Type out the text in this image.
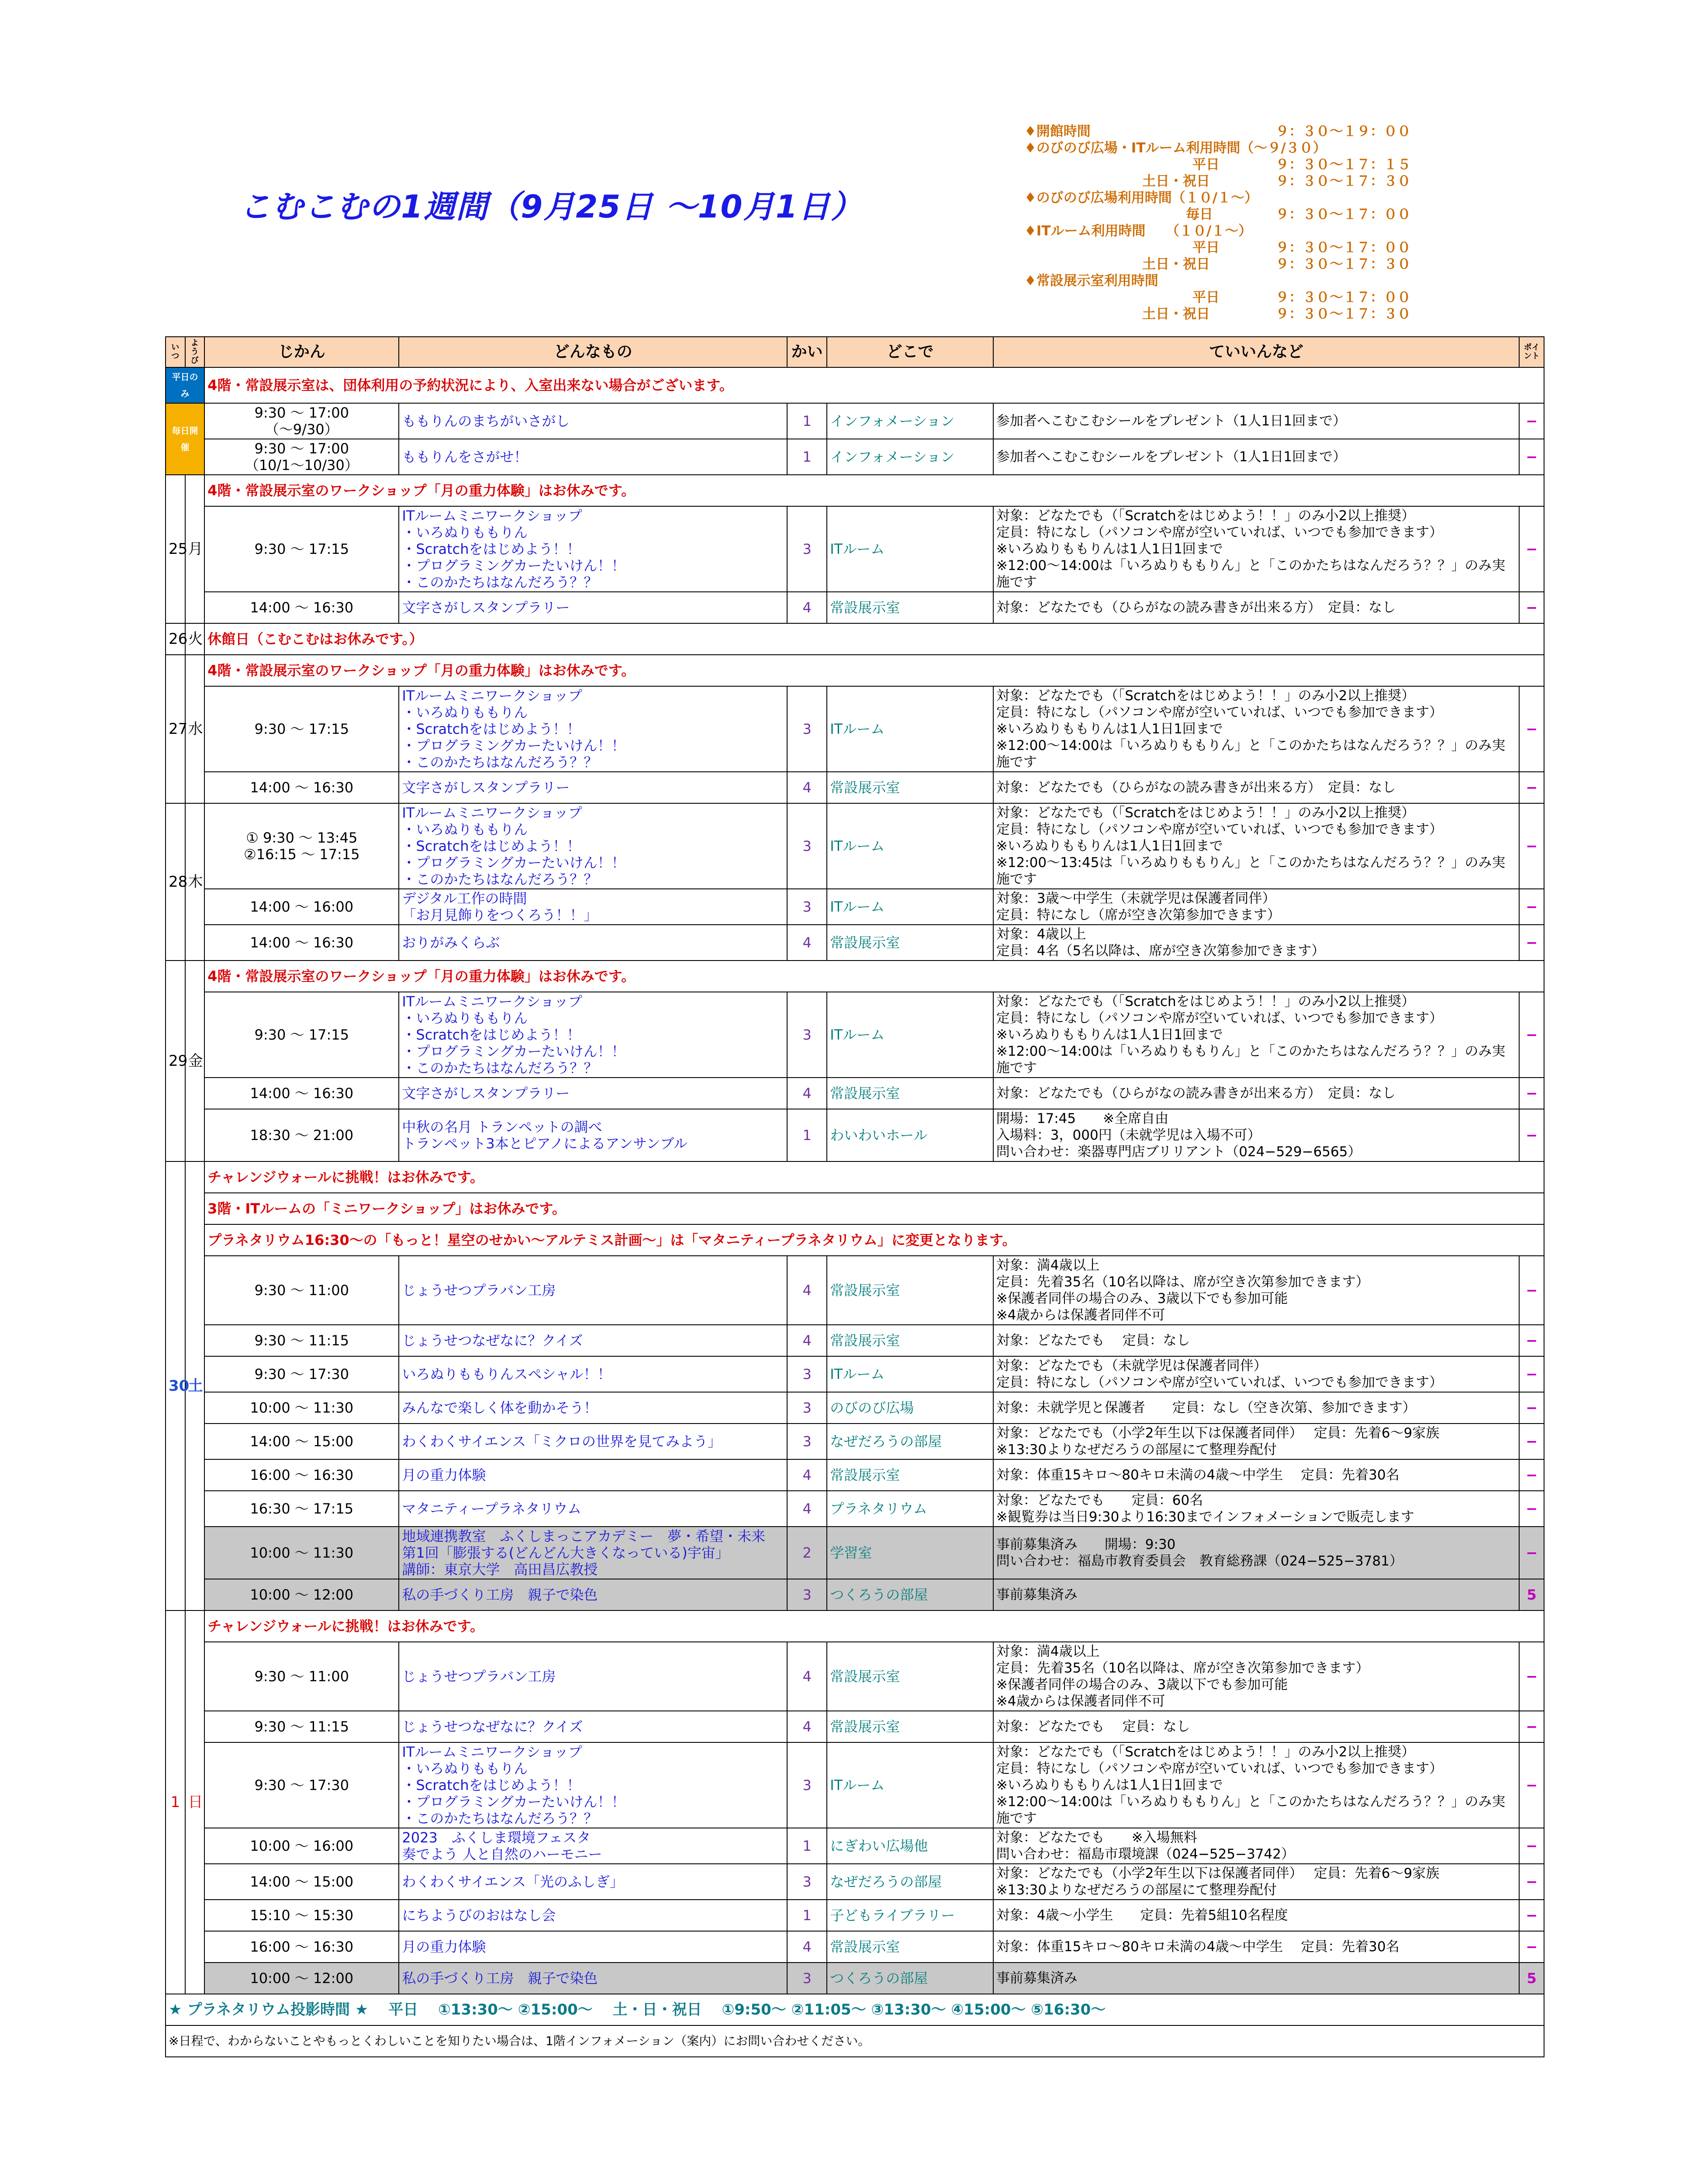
こむこむの1週間（9月25日 〜10月1日）
♦開館時間	９：３０〜１９：００
♦のびのび広場・ITルーム利用時間（〜９/３０）
平日	９：３０〜１７：１５
土日・祝日	９：３０〜１７：３０
♦のびのび広場利用時間（１０/１〜）
毎日	９：３０〜１７：００
♦ITルーム利用時間　　（１０/１〜）
平日	９：３０〜１７：００
土日・祝日	９：３０〜１７：３０
♦常設展示室利用時間
平日	９：３０〜１７：００
土日・祝日	９：３０〜１７：３０
いつ	ようび	じかん	どんなもの	かい	どこで	ていいんなど	ポイント
平日のみ		4階・常設展示室は、団体利用の予約状況により、入室出来ない場合がございます。					
毎日開催		9:30 〜 17:00
（〜9/30）	ももりんのまちがいさがし	1	インフォメーション	参加者へこむこむシールをプレゼント（1人1日1回まで）	−
		9:30 〜 17:00
（10/1〜10/30）	ももりんをさがせ！	1	インフォメーション	参加者へこむこむシールをプレゼント（1人1日1回まで）	−
25	月	4階・常設展示室のワークショップ「月の重力体験」はお休みです。					
		9:30 〜 17:15	ITルームミニワークショップ
・いろぬりももりん
・Scratchをはじめよう！！
・プログラミングカーたいけん！！
・このかたちはなんだろう？？	3	ITルーム	対象：どなたでも（「Scratchをはじめよう！！」のみ小2以上推奨）
定員：特になし（パソコンや席が空いていれば、いつでも参加できます）
※いろぬりももりんは1人1日1回まで
※12:00〜14:00は「いろぬりももりん」と「このかたちはなんだろう？？」のみ実施です	−
		14:00 〜 16:30	文字さがしスタンプラリー	4	常設展示室	対象：どなたでも（ひらがなの読み書きが出来る方）　定員：なし	−
26	火	休館日（こむこむはお休みです。）					
27	水	4階・常設展示室のワークショップ「月の重力体験」はお休みです。					
		9:30 〜 17:15	ITルームミニワークショップ
・いろぬりももりん
・Scratchをはじめよう！！
・プログラミングカーたいけん！！
・このかたちはなんだろう？？	3	ITルーム	対象：どなたでも（「Scratchをはじめよう！！」のみ小2以上推奨）
定員：特になし（パソコンや席が空いていれば、いつでも参加できます）
※いろぬりももりんは1人1日1回まで
※12:00〜14:00は「いろぬりももりん」と「このかたちはなんだろう？？」のみ実施です	−
		14:00 〜 16:30	文字さがしスタンプラリー	4	常設展示室	対象：どなたでも（ひらがなの読み書きが出来る方）　定員：なし	−
28	木	① 9:30 〜 13:45
②16:15 〜 17:15	ITルームミニワークショップ
・いろぬりももりん
・Scratchをはじめよう！！
・プログラミングカーたいけん！！
・このかたちはなんだろう？？	3	ITルーム	対象：どなたでも（「Scratchをはじめよう！！」のみ小2以上推奨）
定員：特になし（パソコンや席が空いていれば、いつでも参加できます）
※いろぬりももりんは1人1日1回まで
※12:00〜13:45は「いろぬりももりん」と「このかたちはなんだろう？？」のみ実施です	−
		14:00 〜 16:00	デジタル工作の時間
「お月見飾りをつくろう！！」	3	ITルーム	対象：3歳〜中学生（未就学児は保護者同伴）
定員：特になし（席が空き次第参加できます）	−
		14:00 〜 16:30	おりがみくらぶ	4	常設展示室	対象：4歳以上
定員：4名（5名以降は、席が空き次第参加できます）	−
29	金	4階・常設展示室のワークショップ「月の重力体験」はお休みです。					
		9:30 〜 17:15	ITルームミニワークショップ
・いろぬりももりん
・Scratchをはじめよう！！
・プログラミングカーたいけん！！
・このかたちはなんだろう？？	3	ITルーム	対象：どなたでも（「Scratchをはじめよう！！」のみ小2以上推奨）
定員：特になし（パソコンや席が空いていれば、いつでも参加できます）
※いろぬりももりんは1人1日1回まで
※12:00〜14:00は「いろぬりももりん」と「このかたちはなんだろう？？」のみ実施です	−
		14:00 〜 16:30	文字さがしスタンプラリー	4	常設展示室	対象：どなたでも（ひらがなの読み書きが出来る方）　定員：なし	−
		18:30 〜 21:00	中秋の名月 トランペットの調べ
トランペット3本とピアノによるアンサンブル	1	わいわいホール	開場：17:45　　※全席自由
入場料：3，000円（未就学児は入場不可）
問い合わせ：楽器専門店ブリリアント（024−529−6565）	−
30	土	チャレンジウォールに挑戦！はお休みです。					
		3階・ITルームの「ミニワークショップ」はお休みです。					
		プラネタリウム16:30〜の「もっと！星空のせかい〜アルテミス計画〜」は「マタニティープラネタリウム」に変更となります。					
		9:30 〜 11:00	じょうせつプラバン工房	4	常設展示室	対象：満4歳以上
定員：先着35名（10名以降は、席が空き次第参加できます）
※保護者同伴の場合のみ、3歳以下でも参加可能
※4歳からは保護者同伴不可	−
		9:30 〜 11:15	じょうせつなぜなに？クイズ	4	常設展示室	対象：どなたでも　 定員：なし	−
		9:30 〜 17:30	いろぬりももりんスペシャル！！	3	ITルーム	対象：どなたでも（未就学児は保護者同伴）
定員：特になし（パソコンや席が空いていれば、いつでも参加できます）	−
		10:00 〜 11:30	みんなで楽しく体を動かそう！	3	のびのび広場	対象：未就学児と保護者　　定員：なし（空き次第、参加できます）	−
		14:00 〜 15:00	わくわくサイエンス「ミクロの世界を見てみよう」	3	なぜだろうの部屋	対象：どなたでも（小学2年生以下は保護者同伴）　 定員：先着6〜9家族
※13:30よりなぜだろうの部屋にて整理券配付	−
		16:00 〜 16:30	月の重力体験	4	常設展示室	対象：体重15キロ〜80キロ未満の4歳〜中学生　 定員：先着30名	−
		16:30 〜 17:15	マタニティープラネタリウム	4	プラネタリウム	対象：どなたでも　　定員：60名
※観覧券は当日9:30より16:30までインフォメーションで販売します	−
		10:00 〜 11:30	地域連携教室　ふくしまっこアカデミー　夢・希望・未来
第1回「膨張する(どんどん大きくなっている)宇宙」
講師：東京大学　高田昌広教授	2	学習室	事前募集済み　　開場：9:30
問い合わせ：福島市教育委員会　教育総務課（024−525−3781）	−
		10:00 〜 12:00	私の手づくり工房　親子で染色	3	つくろうの部屋	事前募集済み	5
1	日	チャレンジウォールに挑戦！はお休みです。					
		9:30 〜 11:00	じょうせつプラバン工房	4	常設展示室	対象：満4歳以上
定員：先着35名（10名以降は、席が空き次第参加できます）
※保護者同伴の場合のみ、3歳以下でも参加可能
※4歳からは保護者同伴不可	−
		9:30 〜 11:15	じょうせつなぜなに？クイズ	4	常設展示室	対象：どなたでも　 定員：なし	−
		9:30 〜 17:30	ITルームミニワークショップ
・いろぬりももりん
・Scratchをはじめよう！！
・プログラミングカーたいけん！！
・このかたちはなんだろう？？	3	ITルーム	対象：どなたでも（「Scratchをはじめよう！！」のみ小2以上推奨）
定員：特になし（パソコンや席が空いていれば、いつでも参加できます）
※いろぬりももりんは1人1日1回まで
※12:00〜14:00は「いろぬりももりん」と「このかたちはなんだろう？？」のみ実施です	−
		10:00 〜 16:00	2023　ふくしま環境フェスタ
奏でよう 人と自然のハーモニー	1	にぎわい広場他	対象：どなたでも　　※入場無料
問い合わせ：福島市環境課（024−525−3742）	−
		14:00 〜 15:00	わくわくサイエンス「光のふしぎ」	3	なぜだろうの部屋	対象：どなたでも（小学2年生以下は保護者同伴）　 定員：先着6〜9家族
※13:30よりなぜだろうの部屋にて整理券配付	−
		15:10 〜 15:30	にちようびのおはなし会	1	子どもライブラリー	対象：4歳〜小学生　　定員：先着5組10名程度	−
		16:00 〜 16:30	月の重力体験	4	常設展示室	対象：体重15キロ〜80キロ未満の4歳〜中学生　 定員：先着30名	−
		10:00 〜 12:00	私の手づくり工房　親子で染色	3	つくろうの部屋	事前募集済み	5
★ プラネタリウム投影時間 ★　 平日　 ①13:30〜 ②15:00〜　 土・日・祝日　 ①9:50〜 ②11:05〜 ③13:30〜 ④15:00〜 ⑤16:30〜							
※日程で、わからないことやもっとくわしいことを知りたい場合は、1階インフォメーション（案内）にお問い合わせください。							
